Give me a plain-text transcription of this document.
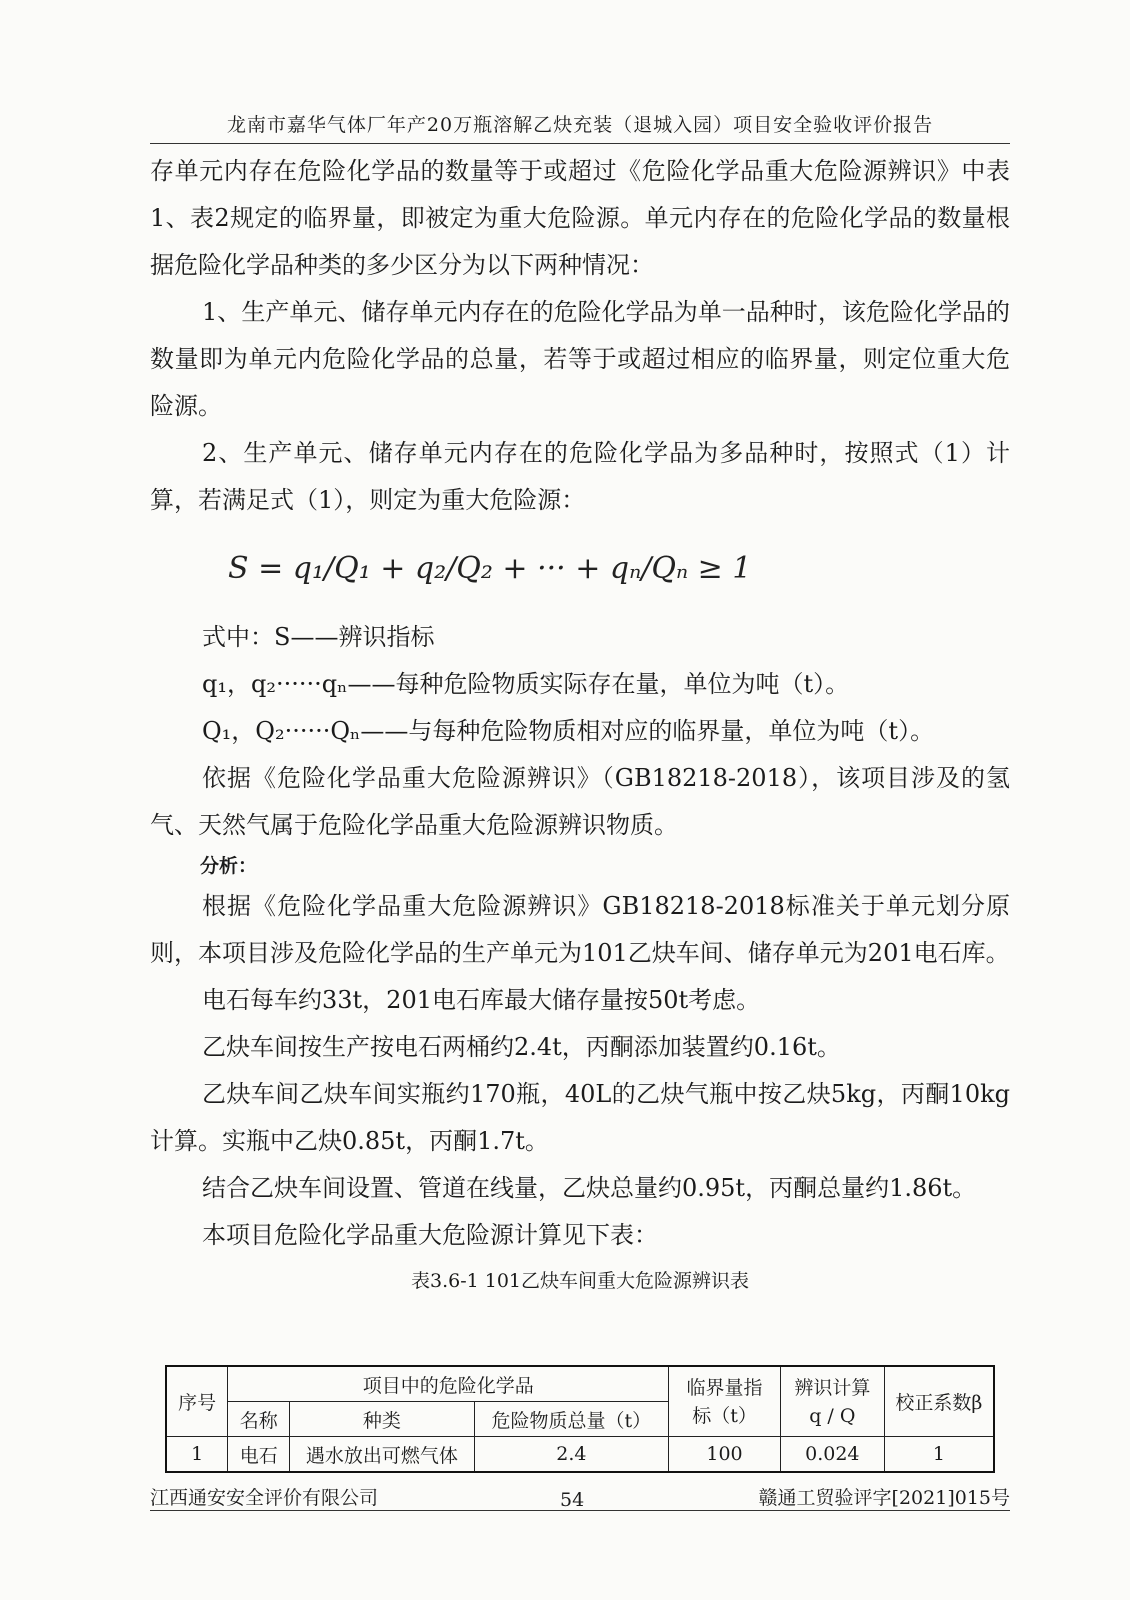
龙南市嘉华气体厂年产20万瓶溶解乙炔充装（退城入园）项目安全验收评价报告

存单元内存在危险化学品的数量等于或超过《危险化学品重大危险源辨识》中表1、表2规定的临界量，即被定为重大危险源。单元内存在的危险化学品的数量根据危险化学品种类的多少区分为以下两种情况：

1、生产单元、储存单元内存在的危险化学品为单一品种时，该危险化学品的数量即为单元内危险化学品的总量，若等于或超过相应的临界量，则定位重大危险源。

2、生产单元、储存单元内存在的危险化学品为多品种时，按照式（1）计算，若满足式（1），则定为重大危险源：

S = q₁/Q₁ + q₂/Q₂ + ··· + qₙ/Qₙ ≥ 1

式中：S——辨识指标

q₁，q₂······qₙ——每种危险物质实际存在量，单位为吨（t）。

Q₁，Q₂······Qₙ——与每种危险物质相对应的临界量，单位为吨（t）。

依据《危险化学品重大危险源辨识》（GB18218-2018），该项目涉及的氢气、天然气属于危险化学品重大危险源辨识物质。

分析：

根据《危险化学品重大危险源辨识》GB18218-2018标准关于单元划分原则，本项目涉及危险化学品的生产单元为101乙炔车间、储存单元为201电石库。

电石每车约33t，201电石库最大储存量按50t考虑。

乙炔车间按生产按电石两桶约2.4t，丙酮添加装置约0.16t。

乙炔车间乙炔车间实瓶约170瓶，40L的乙炔气瓶中按乙炔5kg，丙酮10kg计算。实瓶中乙炔0.85t，丙酮1.7t。

结合乙炔车间设置、管道在线量，乙炔总量约0.95t，丙酮总量约1.86t。

本项目危险化学品重大危险源计算见下表：

表3.6-1 101乙炔车间重大危险源辨识表
序号	项目中的危险化学品			临界量指标（t）	辨识计算q / Q	校正系数β
	名称	种类	危险物质总量（t）			
1	电石	遇水放出可燃气体	2.4	100	0.024	1
江西通安安全评价有限公司	54	赣通工贸验评字[2021]015号
